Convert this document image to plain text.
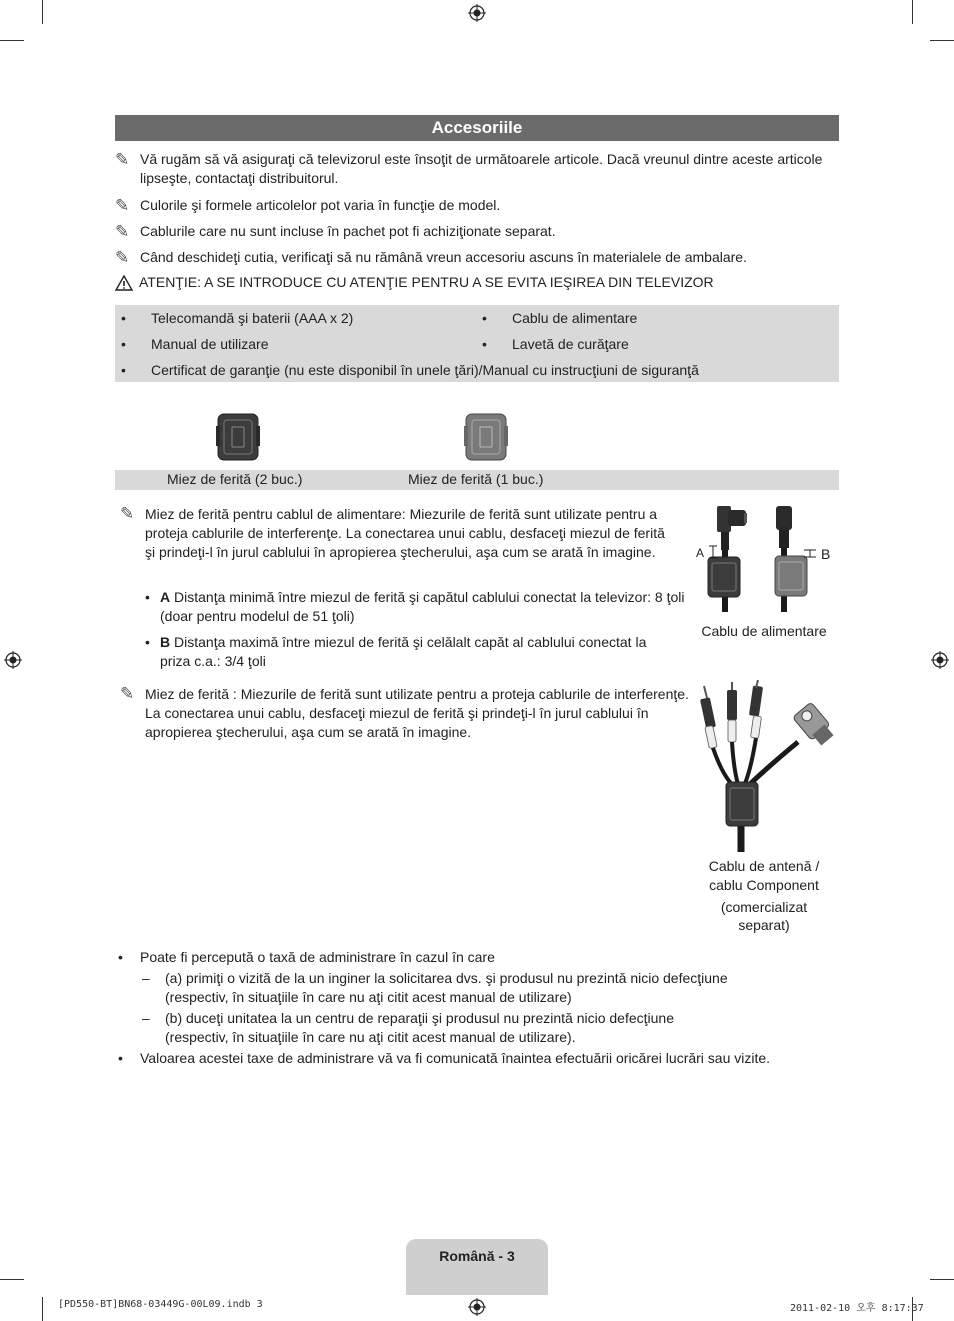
Accesoriile
✎ Vă rugăm să vă asiguraţi că televizorul este însoţit de următoarele articole. Dacă vreunul dintre aceste articole lipseşte, contactaţi distribuitorul.
✎ Culorile şi formele articolelor pot varia în funcţie de model.
✎ Cablurile care nu sunt incluse în pachet pot fi achiziţionate separat.
✎ Când deschideţi cutia, verificaţi să nu rămână vreun accesoriu ascuns în materialele de ambalare.
ATENŢIE: A SE INTRODUCE CU ATENŢIE PENTRU A SE EVITA IEŞIREA DIN TELEVIZOR
• Telecomandă şi baterii (AAA x 2)	• Cablu de alimentare
• Manual de utilizare	• Lavetă de curăţare
• Certificat de garanţie (nu este disponibil în unele ţări)/Manual cu instrucţiuni de siguranţă
Miez de ferită (2 buc.)	Miez de ferită (1 buc.)
✎ Miez de ferită pentru cablul de alimentare: Miezurile de ferită sunt utilizate pentru a proteja cablurile de interferenţe. La conectarea unui cablu, desfaceţi miezul de ferită şi prindeţi-l în jurul cablului în apropierea ştecherului, aşa cum se arată în imagine.
• A Distanţa minimă între miezul de ferită şi capătul cablului conectat la televizor: 8 ţoli (doar pentru modelul de 51 ţoli)
• B Distanţa maximă între miezul de ferită şi celălalt capăt al cablului conectat la priza c.a.: 3/4 ţoli
A	B
Cablu de alimentare
✎ Miez de ferită : Miezurile de ferită sunt utilizate pentru a proteja cablurile de interferenţe. La conectarea unui cablu, desfaceţi miezul de ferită şi prindeţi-l în jurul cablului în apropierea ştecherului, aşa cum se arată în imagine.
Cablu de antenă /
cablu Component
(comercializat
separat)
• Poate fi percepută o taxă de administrare în cazul în care
– (a) primiţi o vizită de la un inginer la solicitarea dvs. şi produsul nu prezintă nicio defecţiune
(respectiv, în situaţiile în care nu aţi citit acest manual de utilizare)
– (b) duceţi unitatea la un centru de reparaţii şi produsul nu prezintă nicio defecţiune
(respectiv, în situaţiile în care nu aţi citit acest manual de utilizare).
• Valoarea acestei taxe de administrare vă va fi comunicată înaintea efectuării oricărei lucrări sau vizite.
Română - 3
[PD550-BT]BN68-03449G-00L09.indb 3	2011-02-10 오후 8:17:37
